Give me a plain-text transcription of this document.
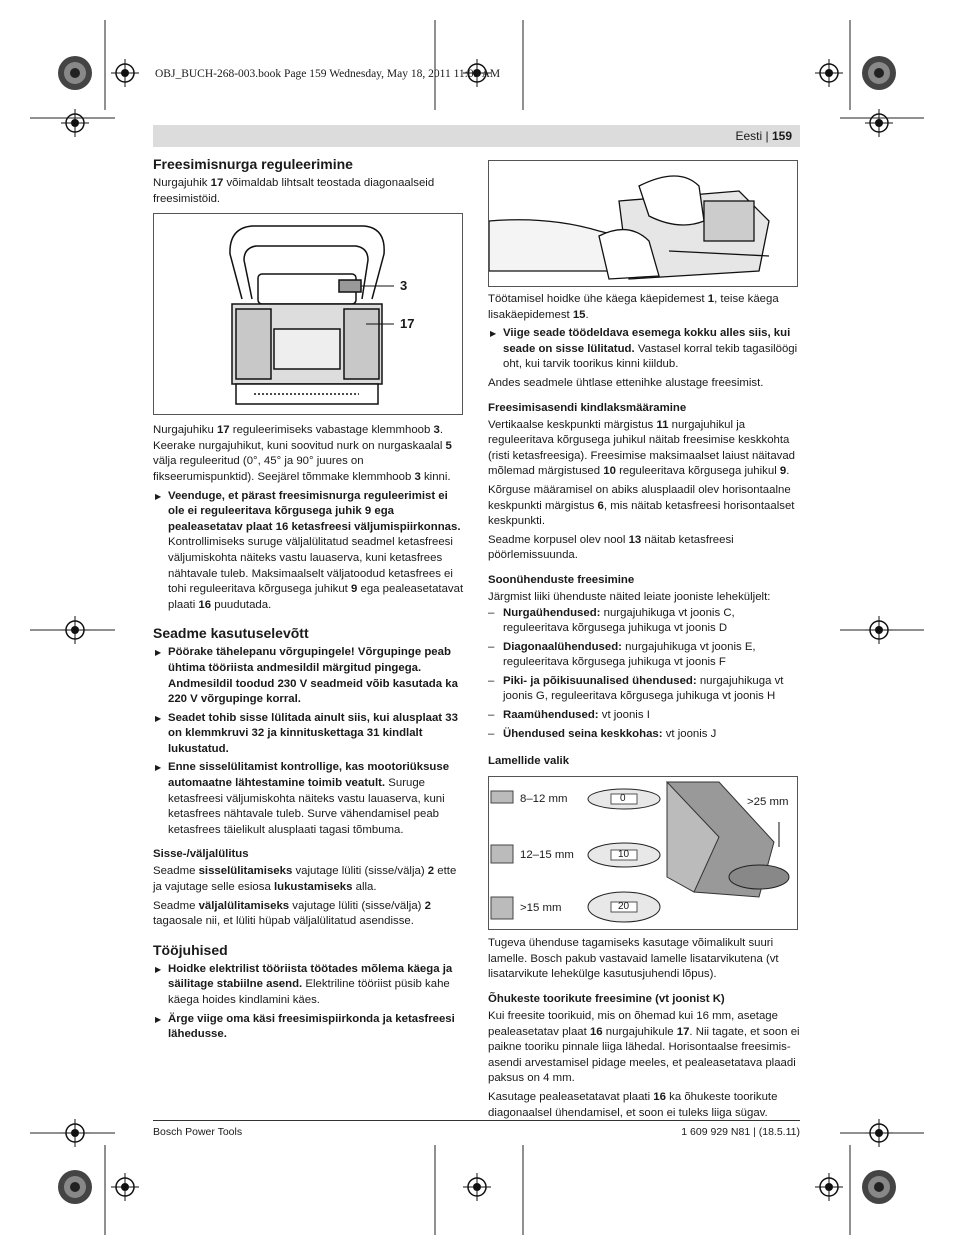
OBJ_BUCH-268-003.book Page 159 Wednesday, May 18, 2011 11:03 AM
Eesti | 159
Freesimisnurga reguleerimine

Nurgajuhik 17 võimaldab lihtsalt teostada diagonaalseid freesimistöid.

3
17

Nurgajuhiku 17 reguleerimiseks vabastage klemmhoob 3. Keerake nurgajuhikut, kuni soovitud nurk on nurgaskaalal 5 välja reguleeritud (0°, 45° ja 90° juures on fikseerumispunktid). Seejärel tõmmake klemmhoob 3 kinni.

▶ Veenduge, et pärast freesimisnurga reguleerimist ei ole ei reguleeritava kõrgusega juhik 9 ega pealeasetatav plaat 16 ketasfreesi väljumispiirkonnas. Kontrollimiseks suruge väljalülitatud seadmel ketasfreesi väljumiskohta näiteks vastu lauaserva, kuni ketasfrees nähtavale tuleb. Maksimaalselt väljatoodud ketasfrees ei tohi reguleeritava kõrgusega juhikut 9 ega pealeasetatavat plaati 16 puudutada.

Seadme kasutuselevõtt

▶ Pöörake tähelepanu võrgupingele! Võrgupinge peab ühtima tööriista andmesildil märgitud pingega. Andmesildil toodud 230 V seadmeid võib kasutada ka 220 V võrgupinge korral.

▶ Seadet tohib sisse lülitada ainult siis, kui alusplaat 33 on klemmkruvi 32 ja kinnituskettaga 31 kindlalt lukustatud.

▶ Enne sisselülitamist kontrollige, kas mootoriüksuse automaatne lähtestamine toimib veatult. Suruge ketasfreesi väljumiskohta näiteks vastu lauaserva, kuni ketasfrees nähtavale tuleb. Surve vähendamisel peab ketasfrees täielikult alusplaati tagasi tõmbuma.

Sisse-/väljalülitus

Seadme sisselülitamiseks vajutage lüliti (sisse/välja) 2 ette ja vajutage selle esiosa lukustamiseks alla.

Seadme väljalülitamiseks vajutage lüliti (sisse/välja) 2 tagaosale nii, et lüliti hüpab väljalülitatud asendisse.

Tööjuhised

▶ Hoidke elektrilist tööriista töötades mõlema käega ja säilitage stabiilne asend. Elektriline tööriist püsib kahe käega hoides kindlamini käes.

▶ Ärge viige oma käsi freesimispiirkonda ja ketasfreesi lähedusse.

Töötamisel hoidke ühe käega käepidemest 1, teise käega lisakäepidemest 15.

▶ Viige seade töödeldava esemega kokku alles siis, kui seade on sisse lülitatud. Vastasel korral tekib tagasilöögi oht, kui tarvik toorikus kinni kiildub.

Andes seadmele ühtlase ettenihke alustage freesimist.

Freesimisasendi kindlaksmääramine

Vertikaalse keskpunkti märgistus 11 nurgajuhikul ja reguleeritava kõrgusega juhikul näitab freesimise keskkohta (risti ketasfreesiga). Freesimise maksimaalset laiust näitavad mõlemad märgistused 10 reguleeritava kõrgusega juhikul 9.

Kõrguse määramisel on abiks alusplaadil olev horisontaalne keskpunkti märgistus 6, mis näitab ketasfreesi horisontaalset keskpunkti.

Seadme korpusel olev nool 13 näitab ketasfreesi pöörlemissuunda.

Soonühenduste freesimine

Järgmist liiki ühenduste näited leiate jooniste leheküljelt:

– Nurgaühendused: nurgajuhikuga vt joonis C, reguleeritava kõrgusega juhikuga vt joonis D

– Diagonaalühendused: nurgajuhikuga vt joonis E, reguleeritava kõrgusega juhikuga vt joonis F

– Piki- ja põikisuunalised ühendused: nurgajuhikuga vt joonis G, reguleeritava kõrgusega juhikuga vt joonis H

– Raamühendused: vt joonis I

– Ühendused seina keskkohas: vt joonis J

Lamellide valik
8–12 mm	0
12–15 mm	10
>15 mm	20
>25 mm

Tugeva ühenduse tagamiseks kasutage võimalikult suuri lamelle. Bosch pakub vastavaid lamelle lisatarvikutena (vt lisatarvikute lehekülge kasutusjuhendi lõpus).

Õhukeste toorikute freesimine (vt joonist K)

Kui freesite toorikuid, mis on õhemad kui 16 mm, asetage pealeasetatav plaat 16 nurgajuhikule 17. Nii tagate, et soon ei paikne tooriku pinnale liiga lähedal. Horisontaalse freesimis-asendi arvestamisel pidage meeles, et pealeasetatava plaadi paksus on 4 mm.

Kasutage pealeasetatavat plaati 16 ka õhukeste toorikute diagonaalsel ühendamisel, et soon ei tuleks liiga sügav.

Bosch Power Tools	1 609 929 N81 | (18.5.11)
